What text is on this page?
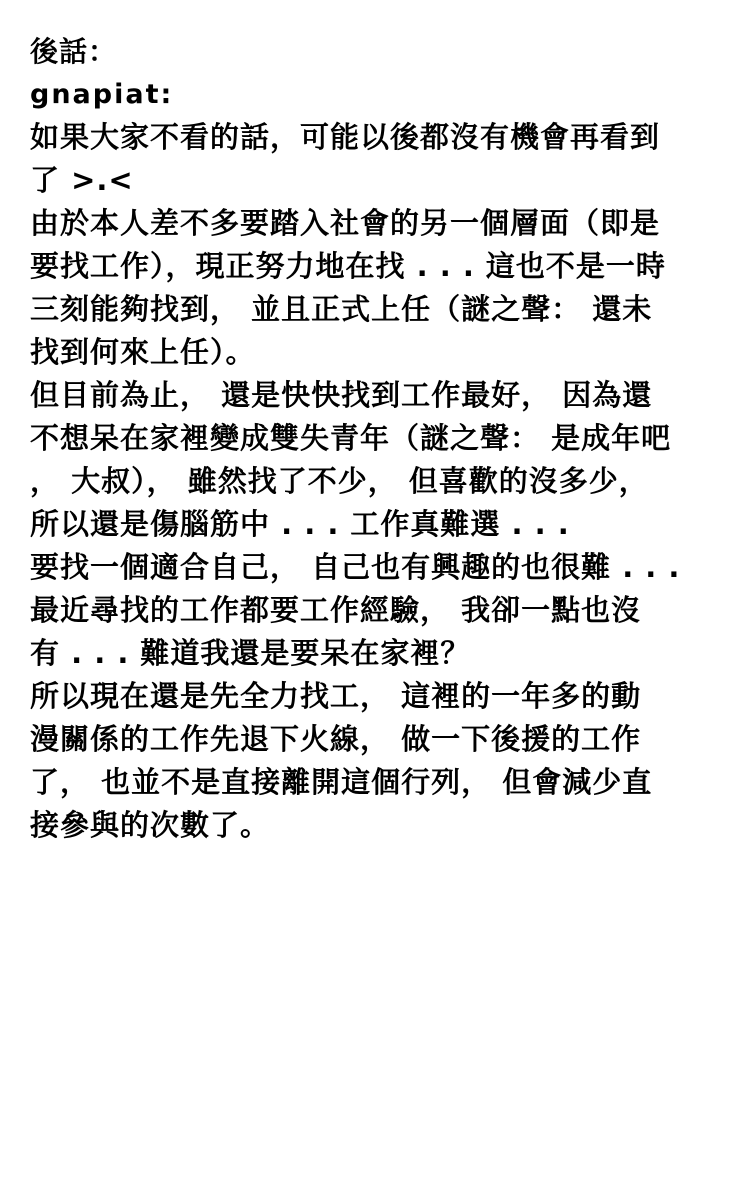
後話：
gnapiat:
如果大家不看的話，可能以後都沒有機會再看到
了 >.<
由於本人差不多要踏入社會的另一個層面（即是
要找工作），現正努力地在找 . . . 這也不是一時
三刻能夠找到， 並且正式上任（謎之聲： 還未
找到何來上任）。
但目前為止， 還是快快找到工作最好， 因為還
不想呆在家裡變成雙失青年（謎之聲： 是成年吧
， 大叔）， 雖然找了不少， 但喜歡的沒多少，
所以還是傷腦筋中 . . . 工作真難選 . . .
要找一個適合自己， 自己也有興趣的也很難 . . .
最近尋找的工作都要工作經驗， 我卻一點也沒
有 . . . 難道我還是要呆在家裡？
所以現在還是先全力找工， 這裡的一年多的動
漫關係的工作先退下火線， 做一下後援的工作
了， 也並不是直接離開這個行列， 但會減少直
接參與的次數了。
